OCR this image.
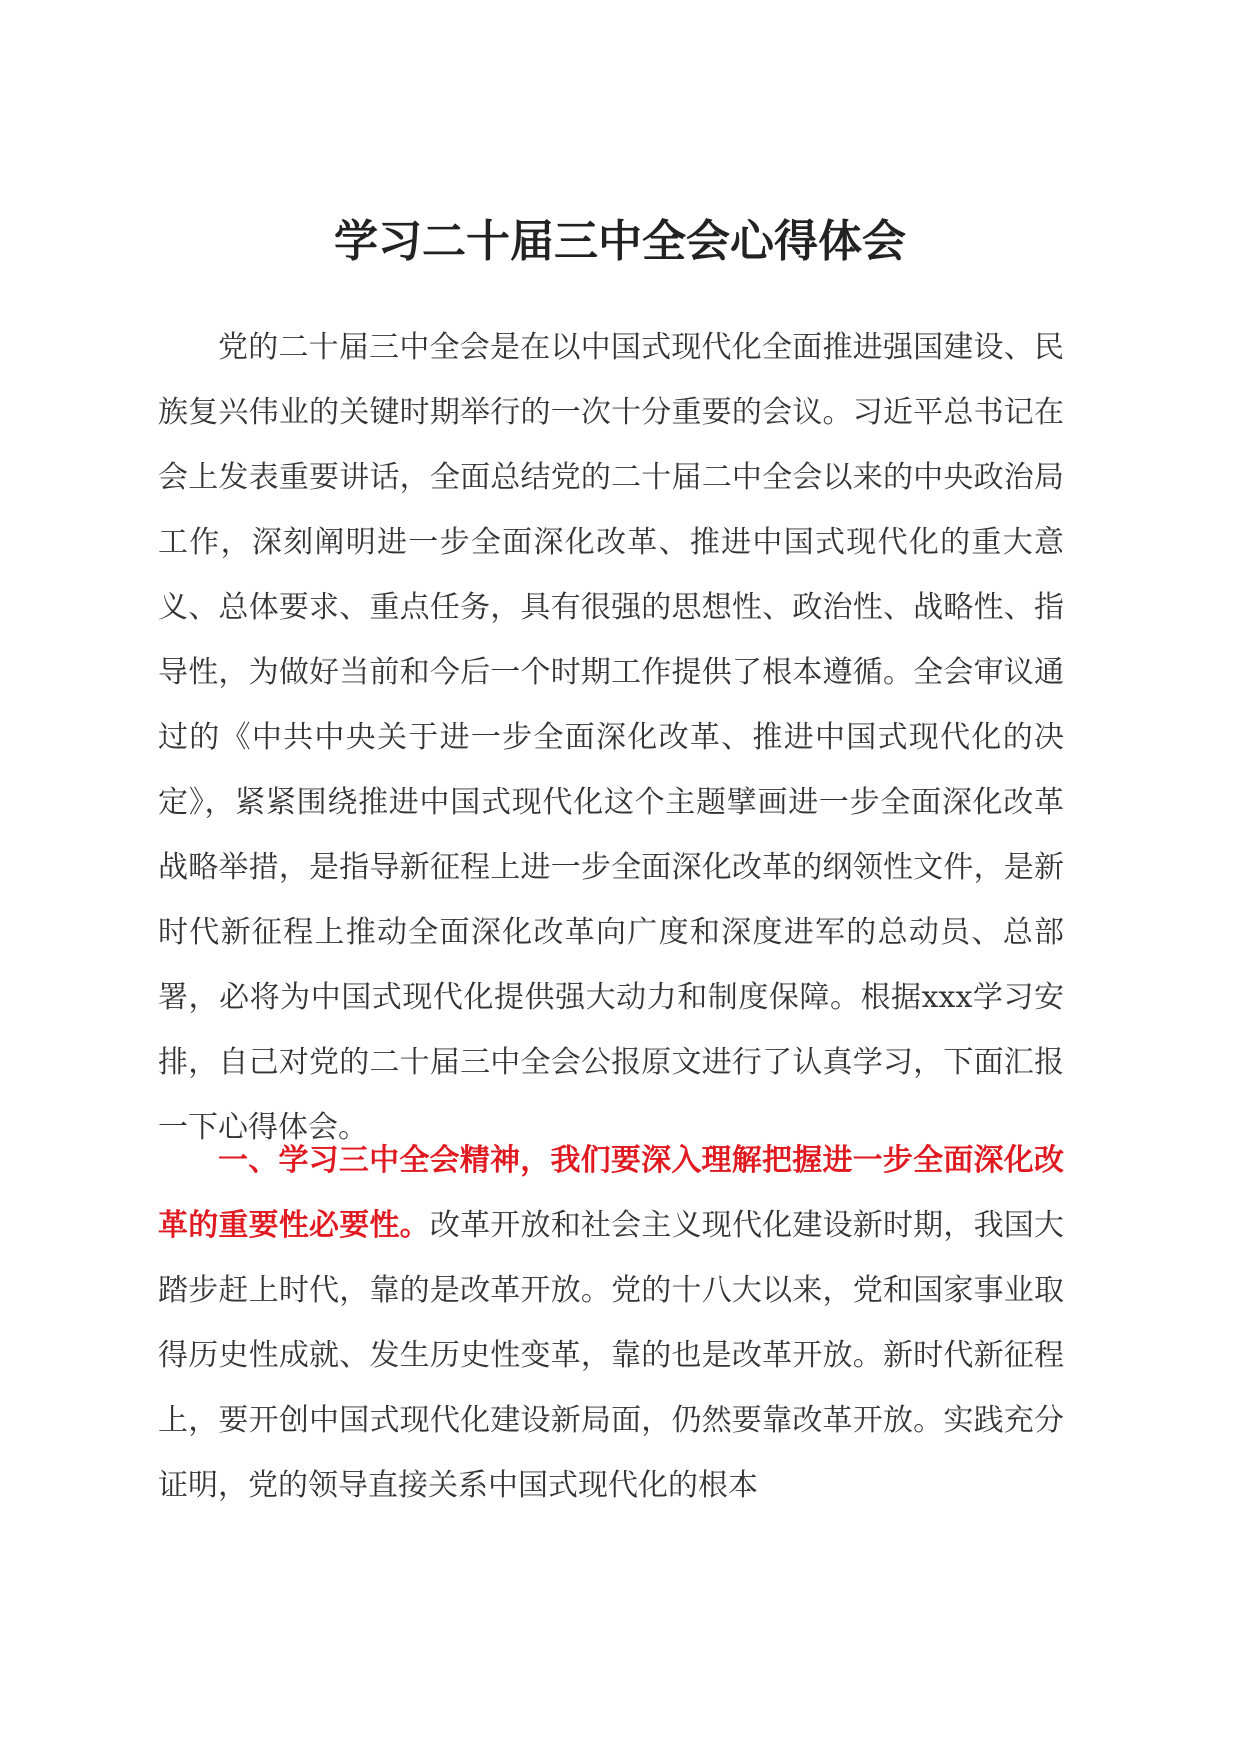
学习二十届三中全会心得体会

党的二十届三中全会是在以中国式现代化全面推进强国建设、民族复兴伟业的关键时期举行的一次十分重要的会议。习近平总书记在会上发表重要讲话，全面总结党的二十届二中全会以来的中央政治局工作，深刻阐明进一步全面深化改革、推进中国式现代化的重大意义、总体要求、重点任务，具有很强的思想性、政治性、战略性、指导性，为做好当前和今后一个时期工作提供了根本遵循。全会审议通过的《中共中央关于进一步全面深化改革、推进中国式现代化的决定》，紧紧围绕推进中国式现代化这个主题擘画进一步全面深化改革战略举措，是指导新征程上进一步全面深化改革的纲领性文件，是新时代新征程上推动全面深化改革向广度和深度进军的总动员、总部署，必将为中国式现代化提供强大动力和制度保障。根据xxx学习安排，自己对党的二十届三中全会公报原文进行了认真学习，下面汇报一下心得体会。

一、学习三中全会精神，我们要深入理解把握进一步全面深化改革的重要性必要性。改革开放和社会主义现代化建设新时期，我国大踏步赶上时代，靠的是改革开放。党的十八大以来，党和国家事业取得历史性成就、发生历史性变革，靠的也是改革开放。新时代新征程上，要开创中国式现代化建设新局面，仍然要靠改革开放。实践充分证明，党的领导直接关系中国式现代化的根本
